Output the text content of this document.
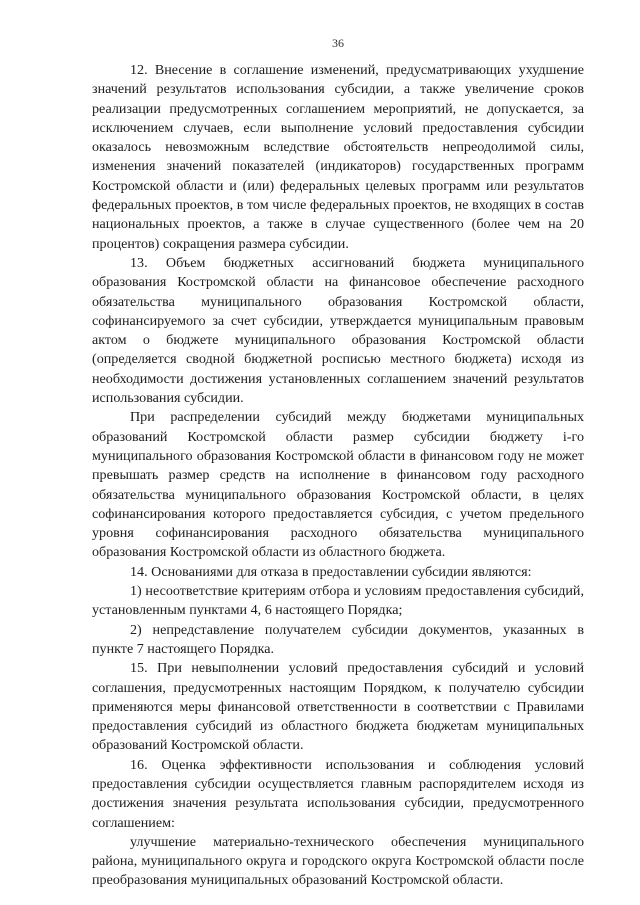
36

12. Внесение в соглашение изменений, предусматривающих ухудшение значений результатов использования субсидии, а также увеличение сроков реализации предусмотренных соглашением мероприятий, не допускается, за исключением случаев, если выполнение условий предоставления субсидии оказалось невозможным вследствие обстоятельств непреодолимой силы, изменения значений показателей (индикаторов) государственных программ Костромской области и (или) федеральных целевых программ или результатов федеральных проектов, в том числе федеральных проектов, не входящих в состав национальных проектов, а также в случае существенного (более чем на 20 процентов) сокращения размера субсидии.

13. Объем бюджетных ассигнований бюджета муниципального образования Костромской области на финансовое обеспечение расходного обязательства муниципального образования Костромской области, софинансируемого за счет субсидии, утверждается муниципальным правовым актом о бюджете муниципального образования Костромской области (определяется сводной бюджетной росписью местного бюджета) исходя из необходимости достижения установленных соглашением значений результатов использования субсидии.

При распределении субсидий между бюджетами муниципальных образований Костромской области размер субсидии бюджету i-го муниципального образования Костромской области в финансовом году не может превышать размер средств на исполнение в финансовом году расходного обязательства муниципального образования Костромской области, в целях софинансирования которого предоставляется субсидия, с учетом предельного уровня софинансирования расходного обязательства муниципального образования Костромской области из областного бюджета.

14. Основаниями для отказа в предоставлении субсидии являются:

1) несоответствие критериям отбора и условиям предоставления субсидий, установленным пунктами 4, 6 настоящего Порядка;

2) непредставление получателем субсидии документов, указанных в пункте 7 настоящего Порядка.

15. При невыполнении условий предоставления субсидий и условий соглашения, предусмотренных настоящим Порядком, к получателю субсидии применяются меры финансовой ответственности в соответствии с Правилами предоставления субсидий из областного бюджета бюджетам муниципальных образований Костромской области.

16. Оценка эффективности использования и соблюдения условий предоставления субсидии осуществляется главным распорядителем исходя из достижения значения результата использования субсидии, предусмотренного соглашением:

улучшение материально-технического обеспечения муниципального района, муниципального округа и городского округа Костромской области после преобразования муниципальных образований Костромской области.
